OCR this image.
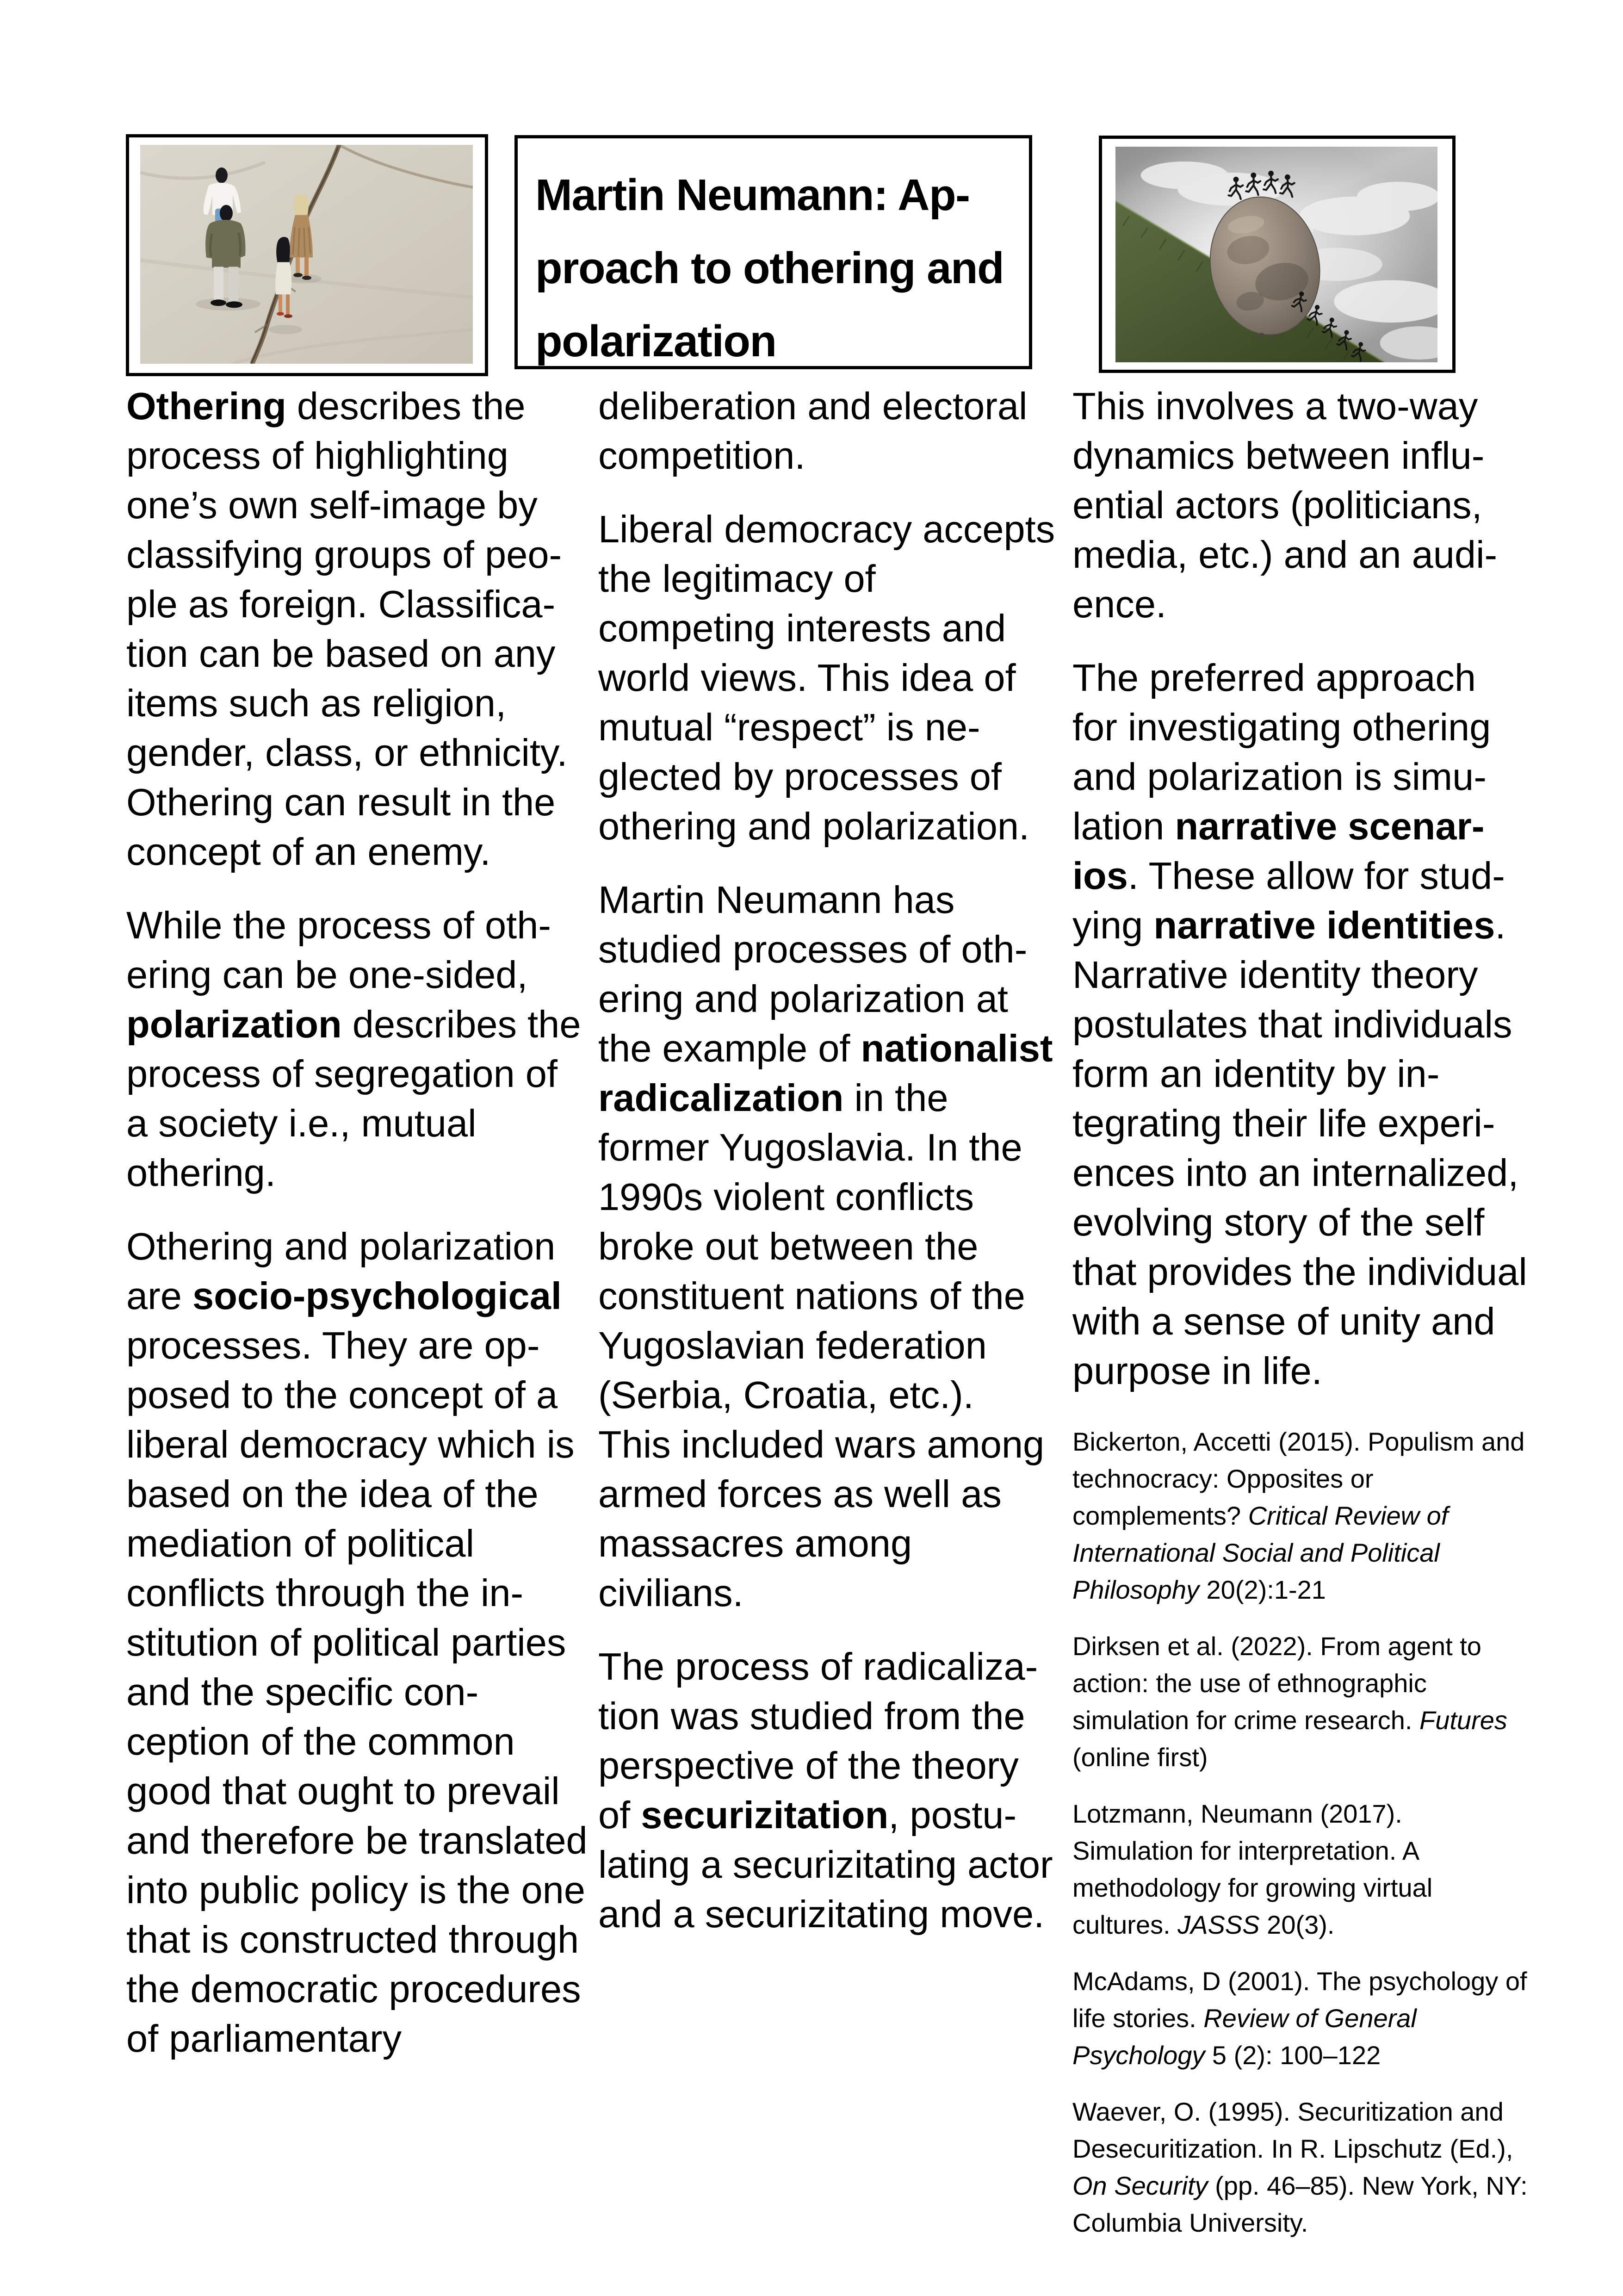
Martin Neumann: Ap-
proach to othering and
polarization

Othering describes the process of highlighting one’s own self-image by classifying groups of people as foreign. Classification can be based on any items such as religion, gender, class, or ethnicity. Othering can result in the concept of an enemy.

While the process of othering can be one-sided, polarization describes the process of segregation of a society i.e., mutual othering.

Othering and polarization are socio-psychological processes. They are opposed to the concept of a liberal democracy which is based on the idea of the mediation of political conflicts through the institution of political parties and the specific conception of the common good that ought to prevail and therefore be translated into public policy is the one that is constructed through the democratic procedures of parliamentary

deliberation and electoral competition.

Liberal democracy accepts the legitimacy of competing interests and world views. This idea of mutual “respect” is neglected by processes of othering and polarization.

Martin Neumann has studied processes of othering and polarization at the example of nationalist radicalization in the former Yugoslavia. In the 1990s violent conflicts broke out between the constituent nations of the Yugoslavian federation (Serbia, Croatia, etc.). This included wars among armed forces as well as massacres among civilians.

The process of radicalization was studied from the perspective of the theory of securizitation, postulating a securizitating actor and a securizitating move.

This involves a two-way dynamics between influential actors (politicians, media, etc.) and an audience.

The preferred approach for investigating othering and polarization is simulation narrative scenarios. These allow for studying narrative identities. Narrative identity theory postulates that individuals form an identity by integrating their life experiences into an internalized, evolving story of the self that provides the individual with a sense of unity and purpose in life.

Bickerton, Accetti (2015). Populism and technocracy: Opposites or complements? Critical Review of International Social and Political Philosophy 20(2):1-21

Dirksen et al. (2022). From agent to action: the use of ethnographic simulation for crime research. Futures (online first)

Lotzmann, Neumann (2017). Simulation for interpretation. A methodology for growing virtual cultures. JASSS 20(3).

McAdams, D (2001). The psychology of life stories. Review of General Psychology 5 (2): 100–122

Waever, O. (1995). Securitization and Desecuritization. In R. Lipschutz (Ed.), On Security (pp. 46–85). New York, NY: Columbia University.
